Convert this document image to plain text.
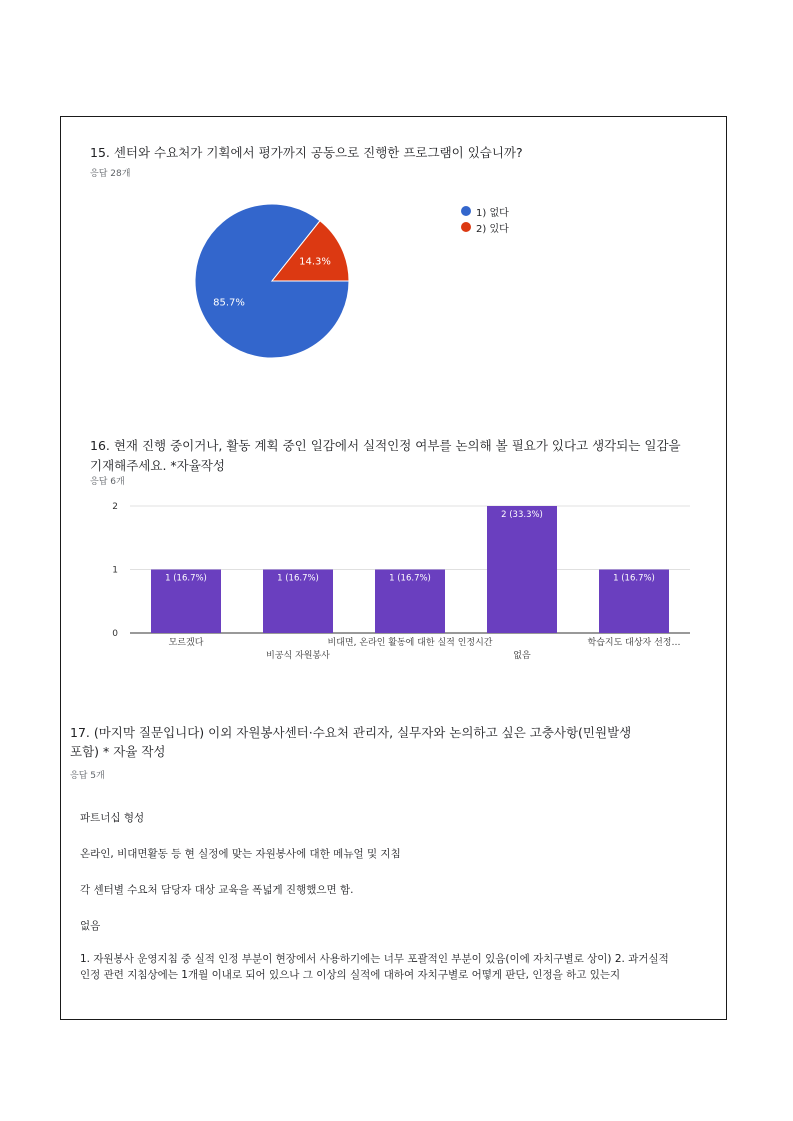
15. 센터와 수요처가 기획에서 평가까지 공동으로 진행한 프로그램이 있습니까?
응답 28개
85.7%
14.3%
1) 없다
2) 있다
16. 현재 진행 중이거나, 활동 계획 중인 일감에서 실적인정 여부를 논의해 볼 필요가 있다고 생각되는 일감을 기재해주세요. *자율작성
응답 6개
0
1
2
1 (16.7%)
모르겠다
1 (16.7%)
비공식 자원봉사
1 (16.7%)
비대면, 온라인 활동에 대한 실적 인정시간
2 (33.3%)
없음
1 (16.7%)
학습지도 대상자 선정…
17. (마지막 질문입니다) 이외 자원봉사센터·수요처 관리자, 실무자와 논의하고 싶은 고충사항(민원발생
포함) * 자율 작성
응답 5개
파트너십 형성
온라인, 비대면활동 등 현 실정에 맞는 자원봉사에 대한 메뉴얼 및 지침
각 센터별 수요처 담당자 대상 교육을 폭넓게 진행했으면 함.
없음
1. 자원봉사 운영지침 중 실적 인정 부분이 현장에서 사용하기에는 너무 포괄적인 부분이 있음(이에 자치구별로 상이) 2. 과거실적 인정 관련 지침상에는 1개월 이내로 되어 있으나 그 이상의 실적에 대하여 자치구별로 어떻게 판단, 인정을 하고 있는지
